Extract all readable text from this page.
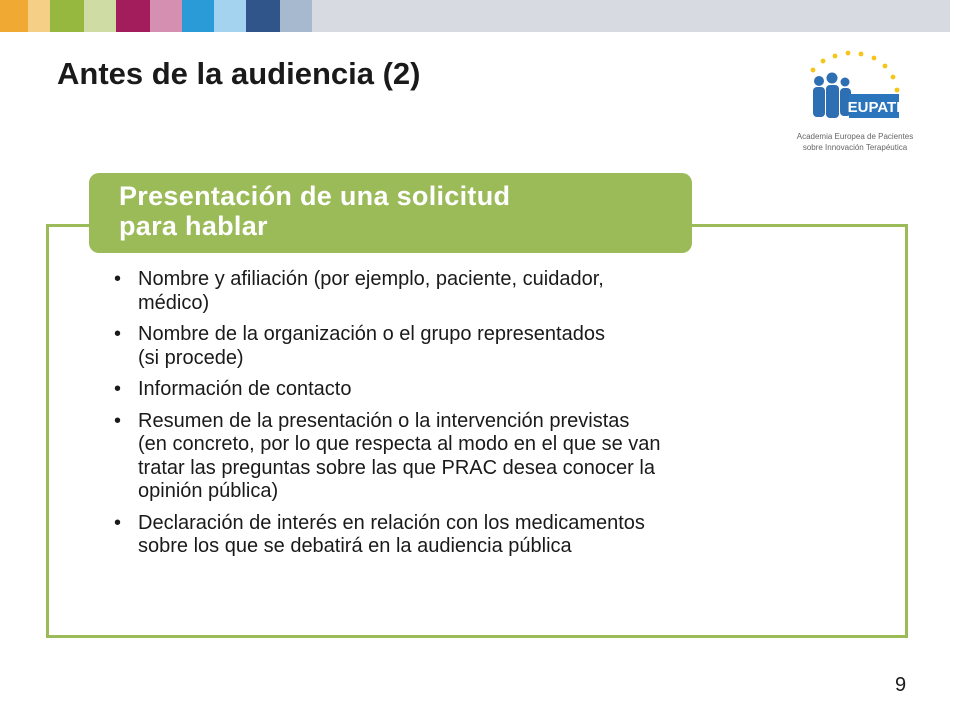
Antes de la audiencia (2)
EUPATI
Academia Europea de Pacientes
sobre Innovación Terapéutica
Presentación de una solicitud
para hablar
• Nombre y afiliación (por ejemplo, paciente, cuidador,
médico)
• Nombre de la organización o el grupo representados
(si procede)
• Información de contacto
• Resumen de la presentación o la intervención previstas
(en concreto, por lo que respecta al modo en el que se van
tratar las preguntas sobre las que PRAC desea conocer la
opinión pública)
• Declaración de interés en relación con los medicamentos
sobre los que se debatirá en la audiencia pública
9
